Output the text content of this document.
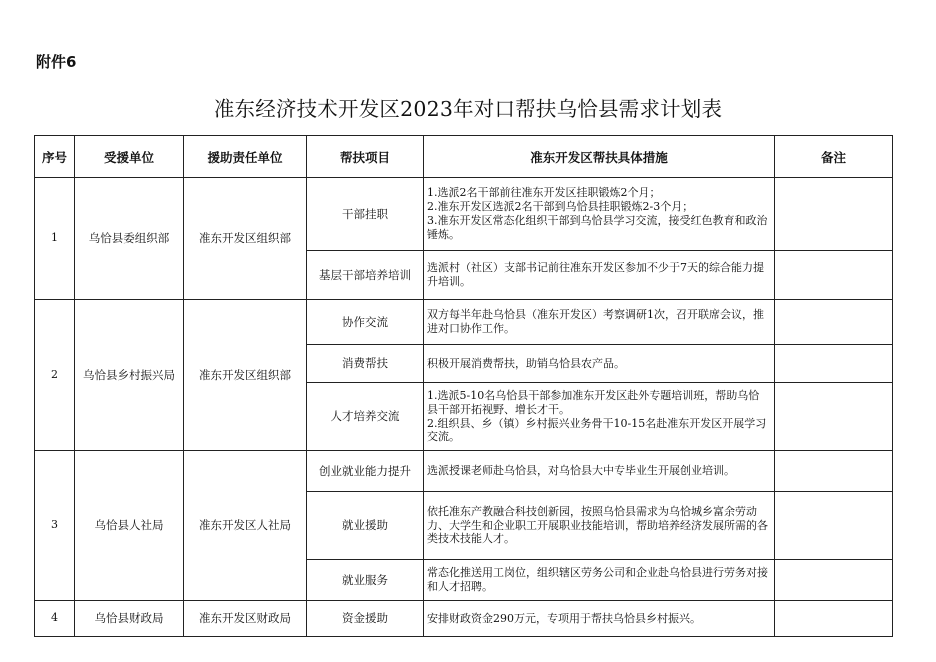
附件6
准东经济技术开发区2023年对口帮扶乌恰县需求计划表
序号	受援单位	援助责任单位	帮扶项目	准东开发区帮扶具体措施	备注
1	乌恰县委组织部	准东开发区组织部	干部挂职	1.选派2名干部前往准东开发区挂职锻炼2个月；
2.准东开发区选派2名干部到乌恰县挂职锻炼2-3个月；
3.准东开发区常态化组织干部到乌恰县学习交流，接受红色教育和政治锤炼。	
			基层干部培养培训	选派村（社区）支部书记前往准东开发区参加不少于7天的综合能力提升培训。	
2	乌恰县乡村振兴局	准东开发区组织部	协作交流	双方每半年赴乌恰县（准东开发区）考察调研1次，召开联席会议，推进对口协作工作。	
			消费帮扶	积极开展消费帮扶，助销乌恰县农产品。	
			人才培养交流	1.选派5-10名乌恰县干部参加准东开发区赴外专题培训班，帮助乌恰县干部开拓视野、增长才干。
2.组织县、乡（镇）乡村振兴业务骨干10-15名赴准东开发区开展学习交流。	
3	乌恰县人社局	准东开发区人社局	创业就业能力提升	选派授课老师赴乌恰县，对乌恰县大中专毕业生开展创业培训。	
			就业援助	依托准东产教融合科技创新园，按照乌恰县需求为乌恰城乡富余劳动力、大学生和企业职工开展职业技能培训，帮助培养经济发展所需的各类技术技能人才。	
			就业服务	常态化推送用工岗位，组织辖区劳务公司和企业赴乌恰县进行劳务对接和人才招聘。	
4	乌恰县财政局	准东开发区财政局	资金援助	安排财政资金290万元，专项用于帮扶乌恰县乡村振兴。	
